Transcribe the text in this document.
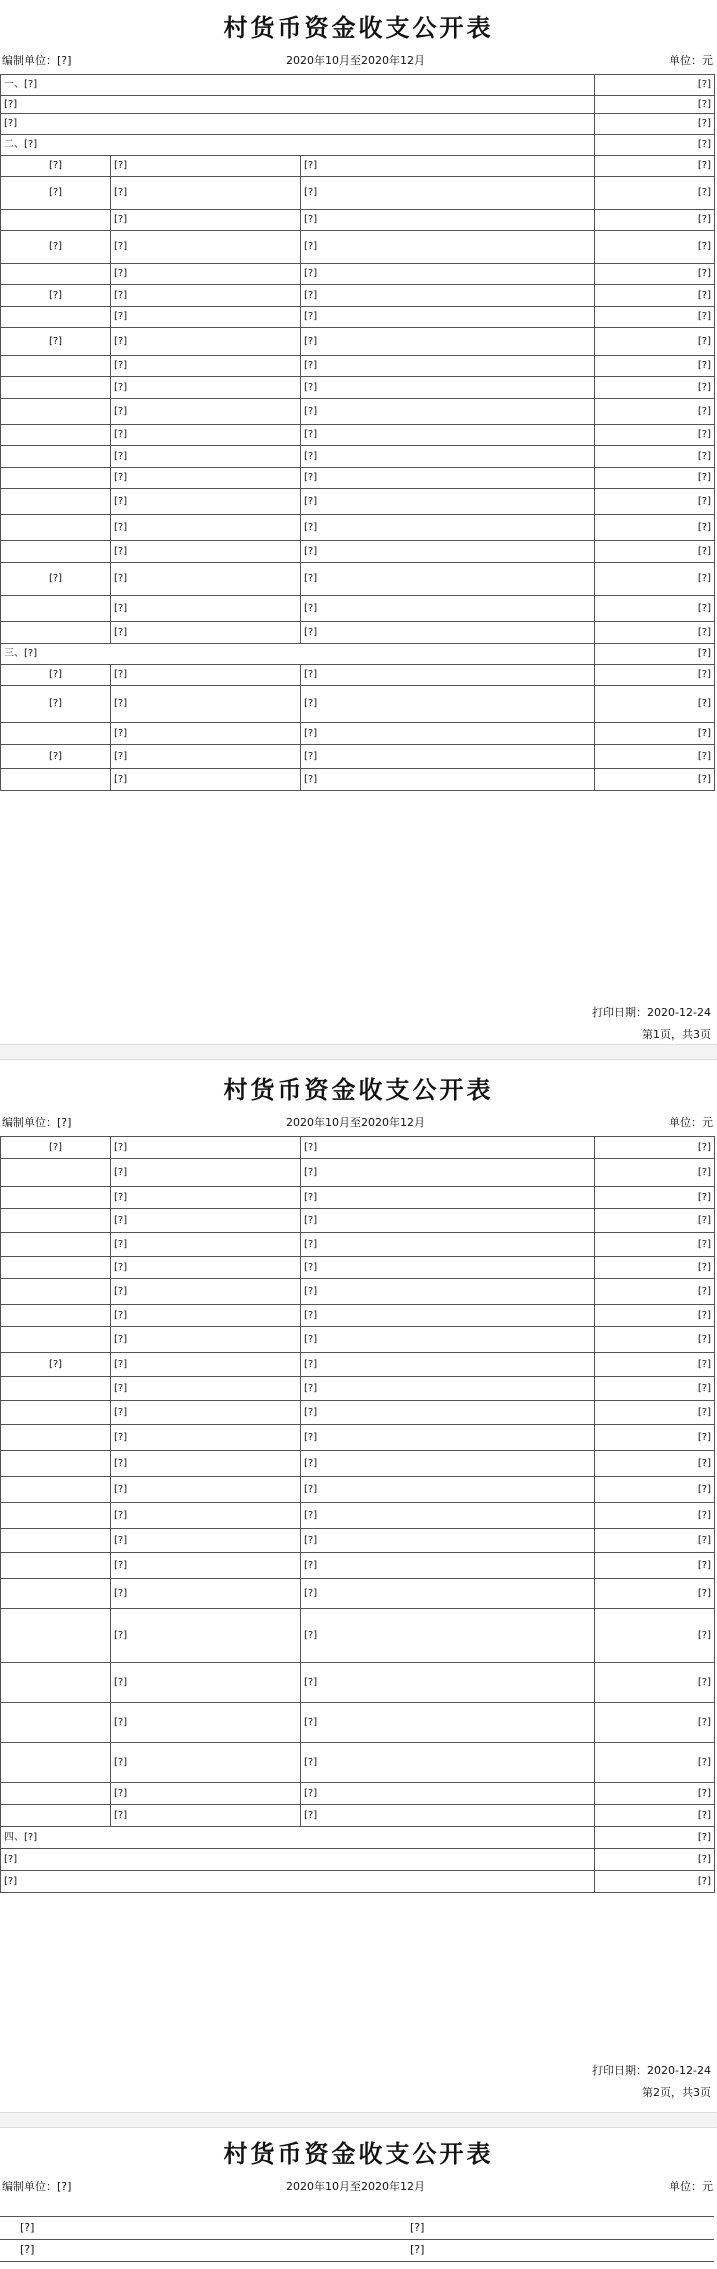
村货币资金收支公开表
编制单位：[?]	2020年10月至2020年12月	单位：元
一、[?]			[?]
[?]			[?]
[?]			[?]
二、[?]			[?]
[?]	[?]	[?]	[?]
[?]	[?]	[?]	[?]
	[?]	[?]	[?]
[?]	[?]	[?]	[?]
	[?]	[?]	[?]
[?]	[?]	[?]	[?]
	[?]	[?]	[?]
[?]	[?]	[?]	[?]
	[?]	[?]	[?]
	[?]	[?]	[?]
	[?]	[?]	[?]
	[?]	[?]	[?]
	[?]	[?]	[?]
	[?]	[?]	[?]
	[?]	[?]	[?]
	[?]	[?]	[?]
	[?]	[?]	[?]
[?]	[?]	[?]	[?]
	[?]	[?]	[?]
	[?]	[?]	[?]
三、[?]			[?]
[?]	[?]	[?]	[?]
[?]	[?]	[?]	[?]
	[?]	[?]	[?]
[?]	[?]	[?]	[?]
	[?]	[?]	[?]
打印日期：2020-12-24
第1页，共3页
村货币资金收支公开表
编制单位：[?]	2020年10月至2020年12月	单位：元
[?]	[?]	[?]	[?]
	[?]	[?]	[?]
	[?]	[?]	[?]
	[?]	[?]	[?]
	[?]	[?]	[?]
	[?]	[?]	[?]
	[?]	[?]	[?]
	[?]	[?]	[?]
	[?]	[?]	[?]
[?]	[?]	[?]	[?]
	[?]	[?]	[?]
	[?]	[?]	[?]
	[?]	[?]	[?]
	[?]	[?]	[?]
	[?]	[?]	[?]
	[?]	[?]	[?]
	[?]	[?]	[?]
	[?]	[?]	[?]
	[?]	[?]	[?]
	[?]	[?]	[?]
	[?]	[?]	[?]
	[?]	[?]	[?]
	[?]	[?]	[?]
	[?]	[?]	[?]
	[?]	[?]	[?]
四、[?]			[?]
[?]			[?]
[?]			[?]
打印日期：2020-12-24
第2页，共3页
村货币资金收支公开表
编制单位：[?]	2020年10月至2020年12月	单位：元
[?]	[?]
[?]	[?]
